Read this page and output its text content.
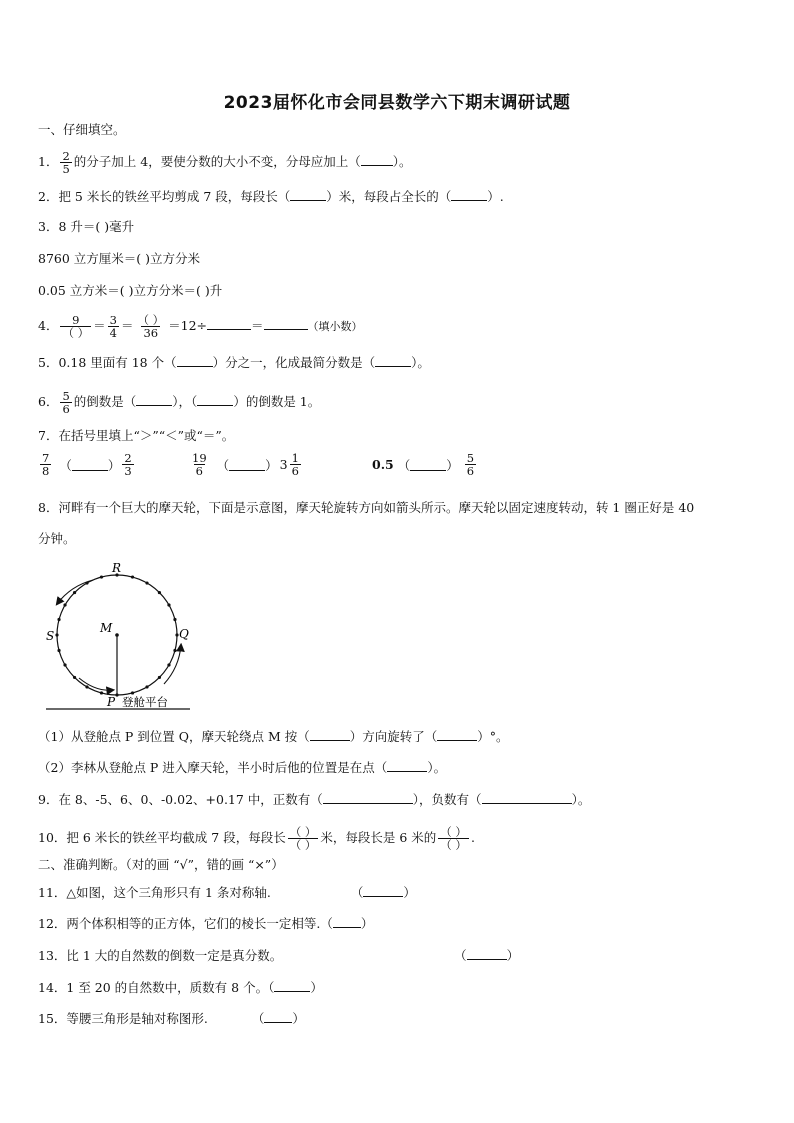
2023届怀化市会同县数学六下期末调研试题
一、仔细填空。
1． $\frac{2}{5}$ 的分子加上 4，要使分数的大小不变，分母应加上（	）。
2．把 5 米长的铁丝平均剪成 7 段，每段长（	）米，每段占全长的（	）.
3．8 升＝( )毫升
8760 立方厘米＝( )立方分米
0.05 立方米＝( )立方分米＝( )升
4． $\frac{9}{( )} = \frac{3}{4} = \frac{( )}{36} =12\div$	＝	（填小数）
5．0.18 里面有 18 个（	）分之一，化成最简分数是（	）。
6． $\frac{5}{6}$ 的倒数是（	），（	）的倒数是 1。
7．在括号里填上“＞”“＜”或“＝”。
$\frac{7}{8}$ （	） $\frac{2}{3}$	$\frac{19}{6}$ （	） $3 \frac{1}{6}$	0.5 （	） $\frac{5}{6}$
8．河畔有一个巨大的摩天轮，下面是示意图，摩天轮旋转方向如箭头所示。摩天轮以固定速度转动，转 1 圈正好是 40
分钟。
R
S
M	Q
P 登舱平台
（1）从登舱点 P 到位置 Q，摩天轮绕点 M 按（	）方向旋转了（	）°。
（2）李林从登舱点 P 进入摩天轮，半小时后他的位置是在点（	）。
9．在 8、-5、6、0、-0.02、+0.17 中，正数有（	），负数有（	）。
10．把 6 米长的铁丝平均截成 7 段，每段长 $\frac{( )}{( )}$ 米，每段长是 6 米的 $\frac{( )}{( )}$ .
二、准确判断。（对的画 “√”，错的画 “×”）
11．△如图，这个三角形只有 1 条对称轴.	（	）
12．两个体积相等的正方体，它们的棱长一定相等.（ ）
13．比 1 大的自然数的倒数一定是真分数。	（	）
14．1 至 20 的自然数中，质数有 8 个。（	）
15．等腰三角形是轴对称图形.	（ ）
